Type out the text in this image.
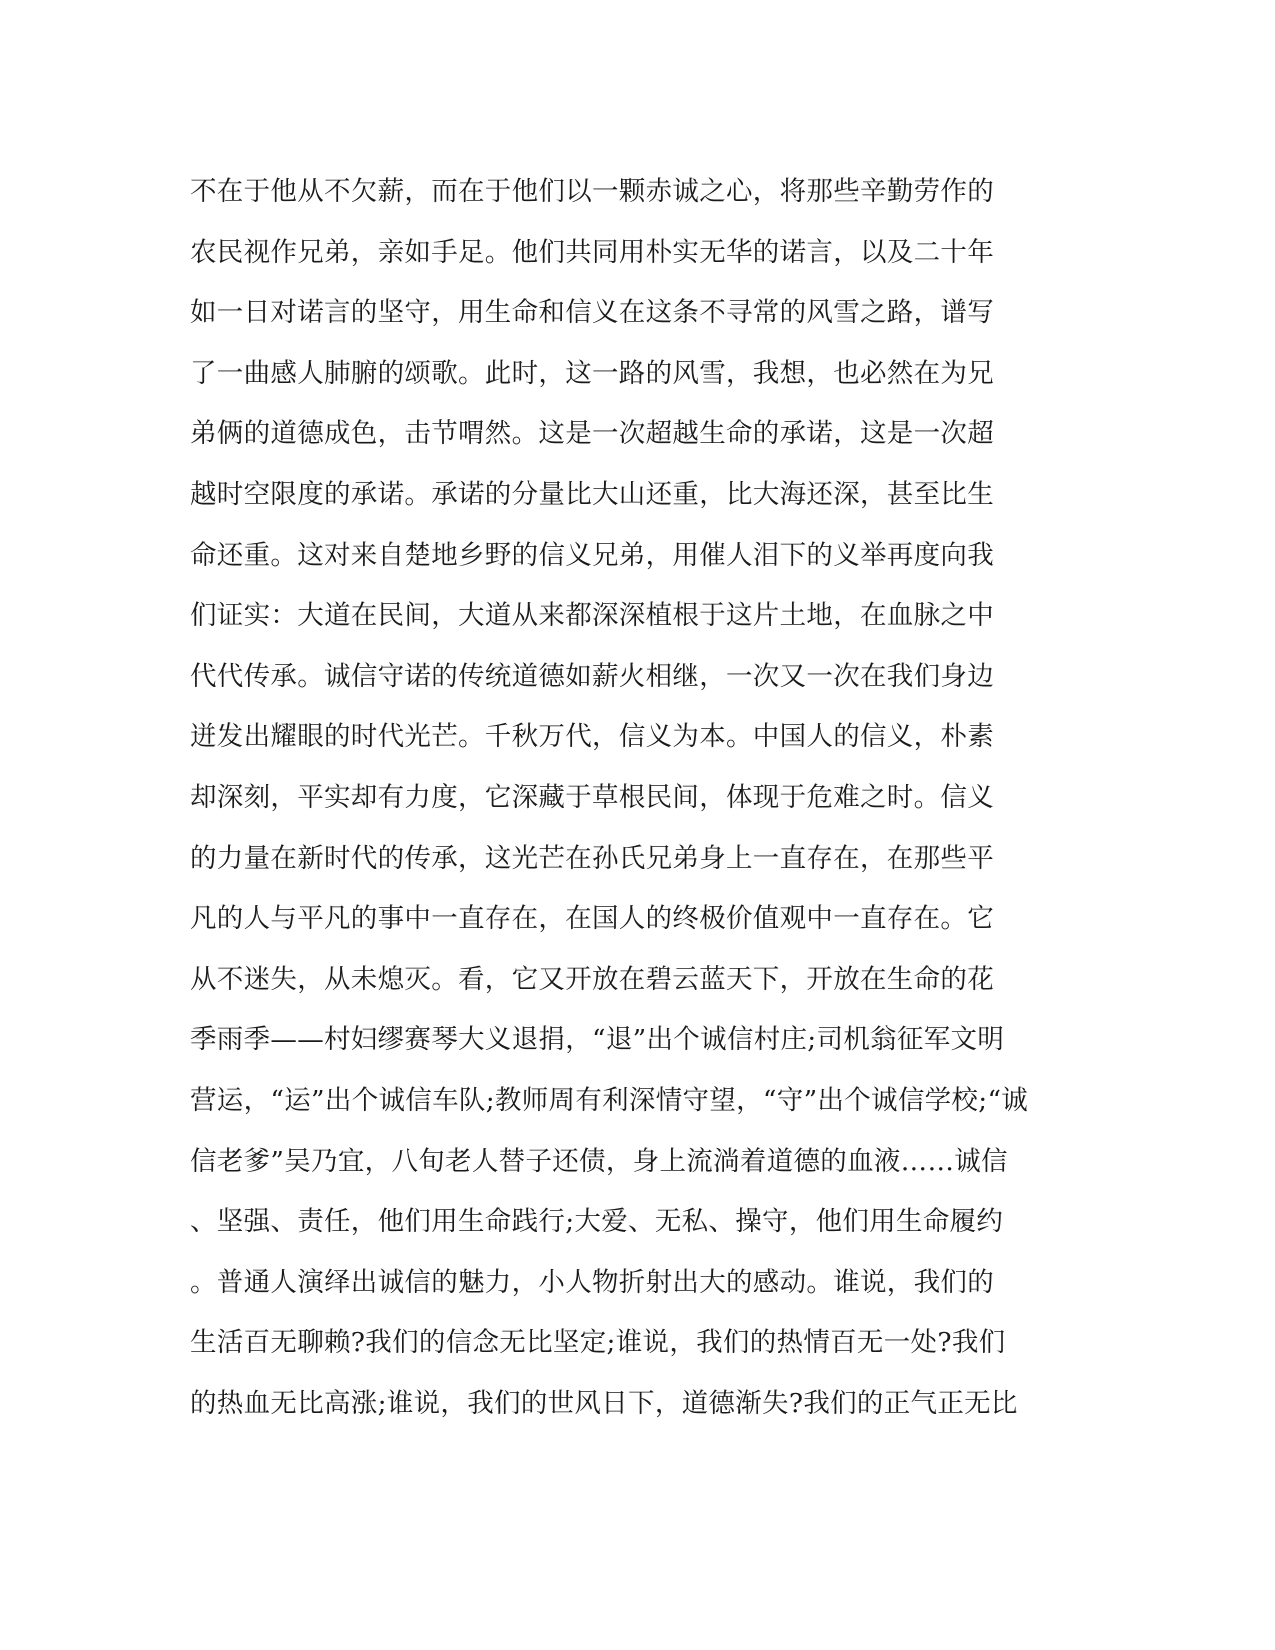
不在于他从不欠薪，而在于他们以一颗赤诚之心，将那些辛勤劳作的
农民视作兄弟，亲如手足。他们共同用朴实无华的诺言，以及二十年
如一日对诺言的坚守，用生命和信义在这条不寻常的风雪之路，谱写
了一曲感人肺腑的颂歌。此时，这一路的风雪，我想，也必然在为兄
弟俩的道德成色，击节喟然。这是一次超越生命的承诺，这是一次超
越时空限度的承诺。承诺的分量比大山还重，比大海还深，甚至比生
命还重。这对来自楚地乡野的信义兄弟，用催人泪下的义举再度向我
们证实：大道在民间，大道从来都深深植根于这片土地，在血脉之中
代代传承。诚信守诺的传统道德如薪火相继，一次又一次在我们身边
迸发出耀眼的时代光芒。千秋万代，信义为本。中国人的信义，朴素
却深刻，平实却有力度，它深藏于草根民间，体现于危难之时。信义
的力量在新时代的传承，这光芒在孙氏兄弟身上一直存在，在那些平
凡的人与平凡的事中一直存在，在国人的终极价值观中一直存在。它
从不迷失，从未熄灭。看，它又开放在碧云蓝天下，开放在生命的花
季雨季——村妇缪赛琴大义退捐，“退”出个诚信村庄;司机翁征军文明
营运，“运”出个诚信车队;教师周有利深情守望，“守”出个诚信学校;“诚
信老爹”吴乃宜，八旬老人替子还债，身上流淌着道德的血液……诚信
、坚强、责任，他们用生命践行;大爱、无私、操守，他们用生命履约
。普通人演绎出诚信的魅力，小人物折射出大的感动。谁说，我们的
生活百无聊赖?我们的信念无比坚定;谁说，我们的热情百无一处?我们
的热血无比高涨;谁说，我们的世风日下，道德渐失?我们的正气正无比
